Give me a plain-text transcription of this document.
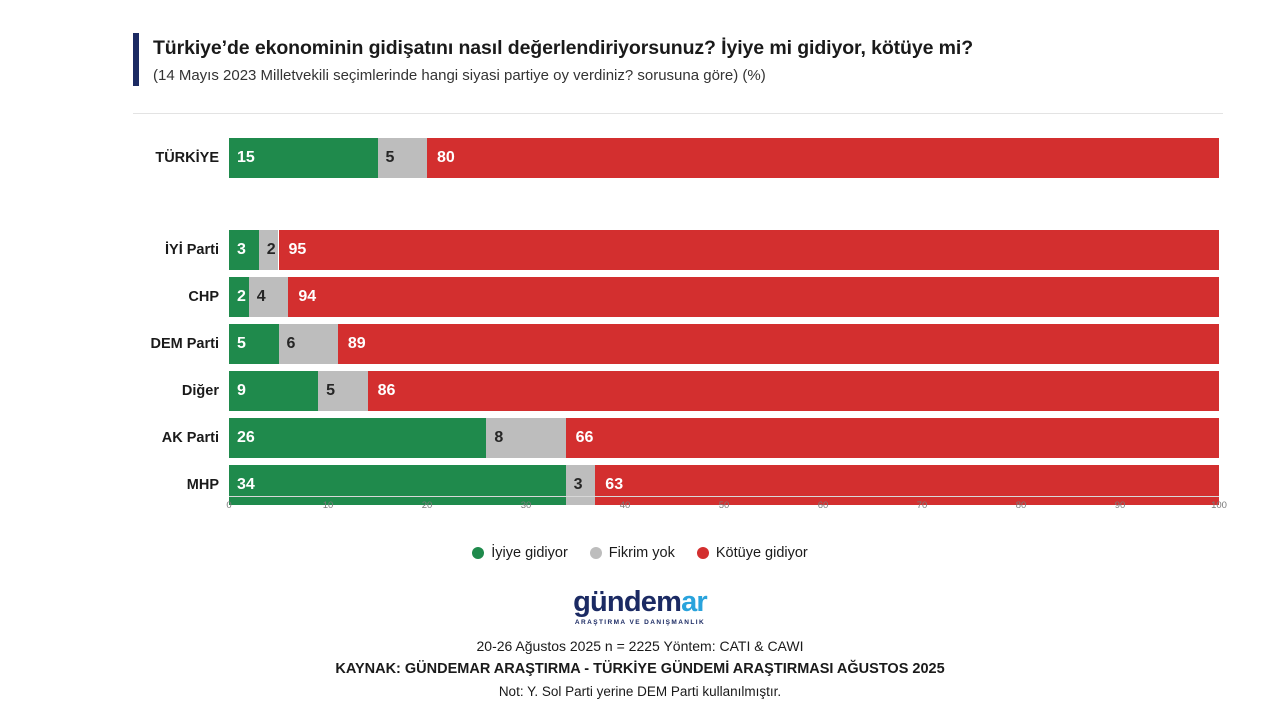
Türkiye’de ekonominin gidişatını nasıl değerlendiriyorsunuz? İyiye mi gidiyor, kötüye mi?
(14 Mayıs 2023 Milletvekili seçimlerinde hangi siyasi partiye oy verdiniz? sorusuna göre) (%)
TÜRKİYE 15	5	80
İYİ Parti 3 2 95
CHP 2 4 94
DEM Parti 5	6	89
Diğer 9	5	86
AK Parti 26	8	66
MHP 34	3 63
0	10	20	30	40	50	60	70	80	90	100
İyiye gidiyor	Fikrim yok	Kötüye gidiyor
gündemar
ARAŞTIRMA VE DANIŞMANLIK
20-26 Ağustos 2025 n = 2225 Yöntem: CATI & CAWI
KAYNAK: GÜNDEMAR ARAŞTIRMA - TÜRKİYE GÜNDEMİ ARAŞTIRMASI AĞUSTOS 2025
Not: Y. Sol Parti yerine DEM Parti kullanılmıştır.
